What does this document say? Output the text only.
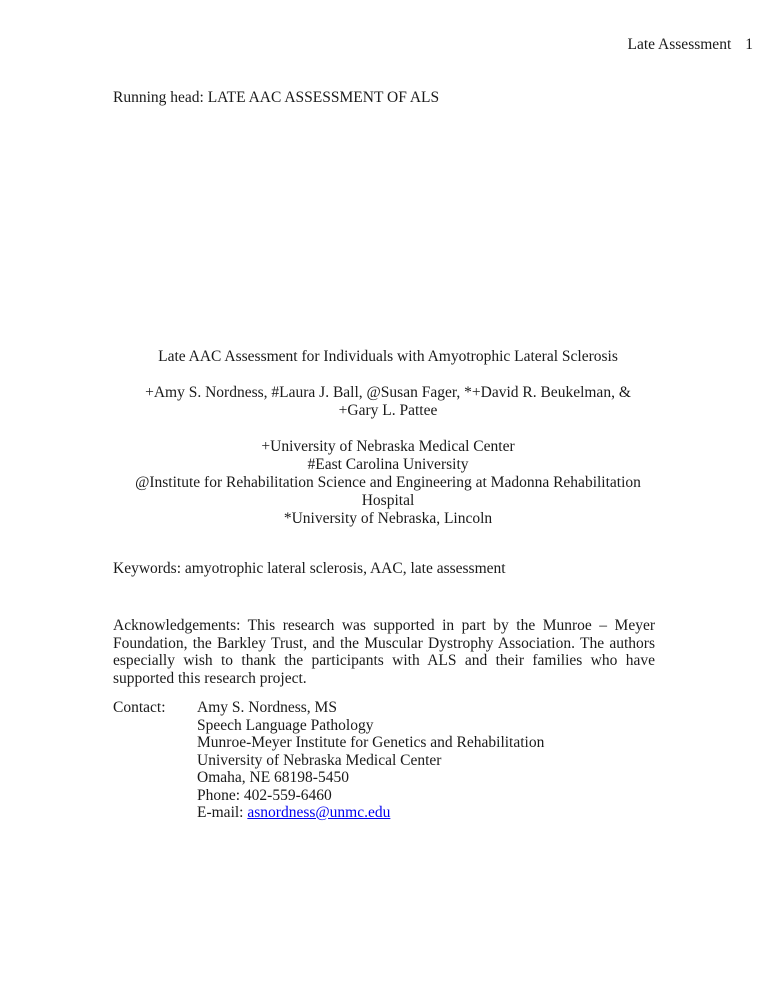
Late Assessment 1
Running head: LATE AAC ASSESSMENT OF ALS
Late AAC Assessment for Individuals with Amyotrophic Lateral Sclerosis
+Amy S. Nordness, #Laura J. Ball, @Susan Fager, *+David R. Beukelman, &
+Gary L. Pattee
+University of Nebraska Medical Center
#East Carolina University
@Institute for Rehabilitation Science and Engineering at Madonna Rehabilitation
Hospital
*University of Nebraska, Lincoln
Keywords: amyotrophic lateral sclerosis, AAC, late assessment
Acknowledgements: This research was supported in part by the Munroe – Meyer Foundation, the Barkley Trust, and the Muscular Dystrophy Association. The authors especially wish to thank the participants with ALS and their families who have supported this research project.
Contact:	Amy S. Nordness, MS
Speech Language Pathology
Munroe-Meyer Institute for Genetics and Rehabilitation
University of Nebraska Medical Center
Omaha, NE 68198-5450
Phone: 402-559-6460
E-mail: asnordness@unmc.edu
